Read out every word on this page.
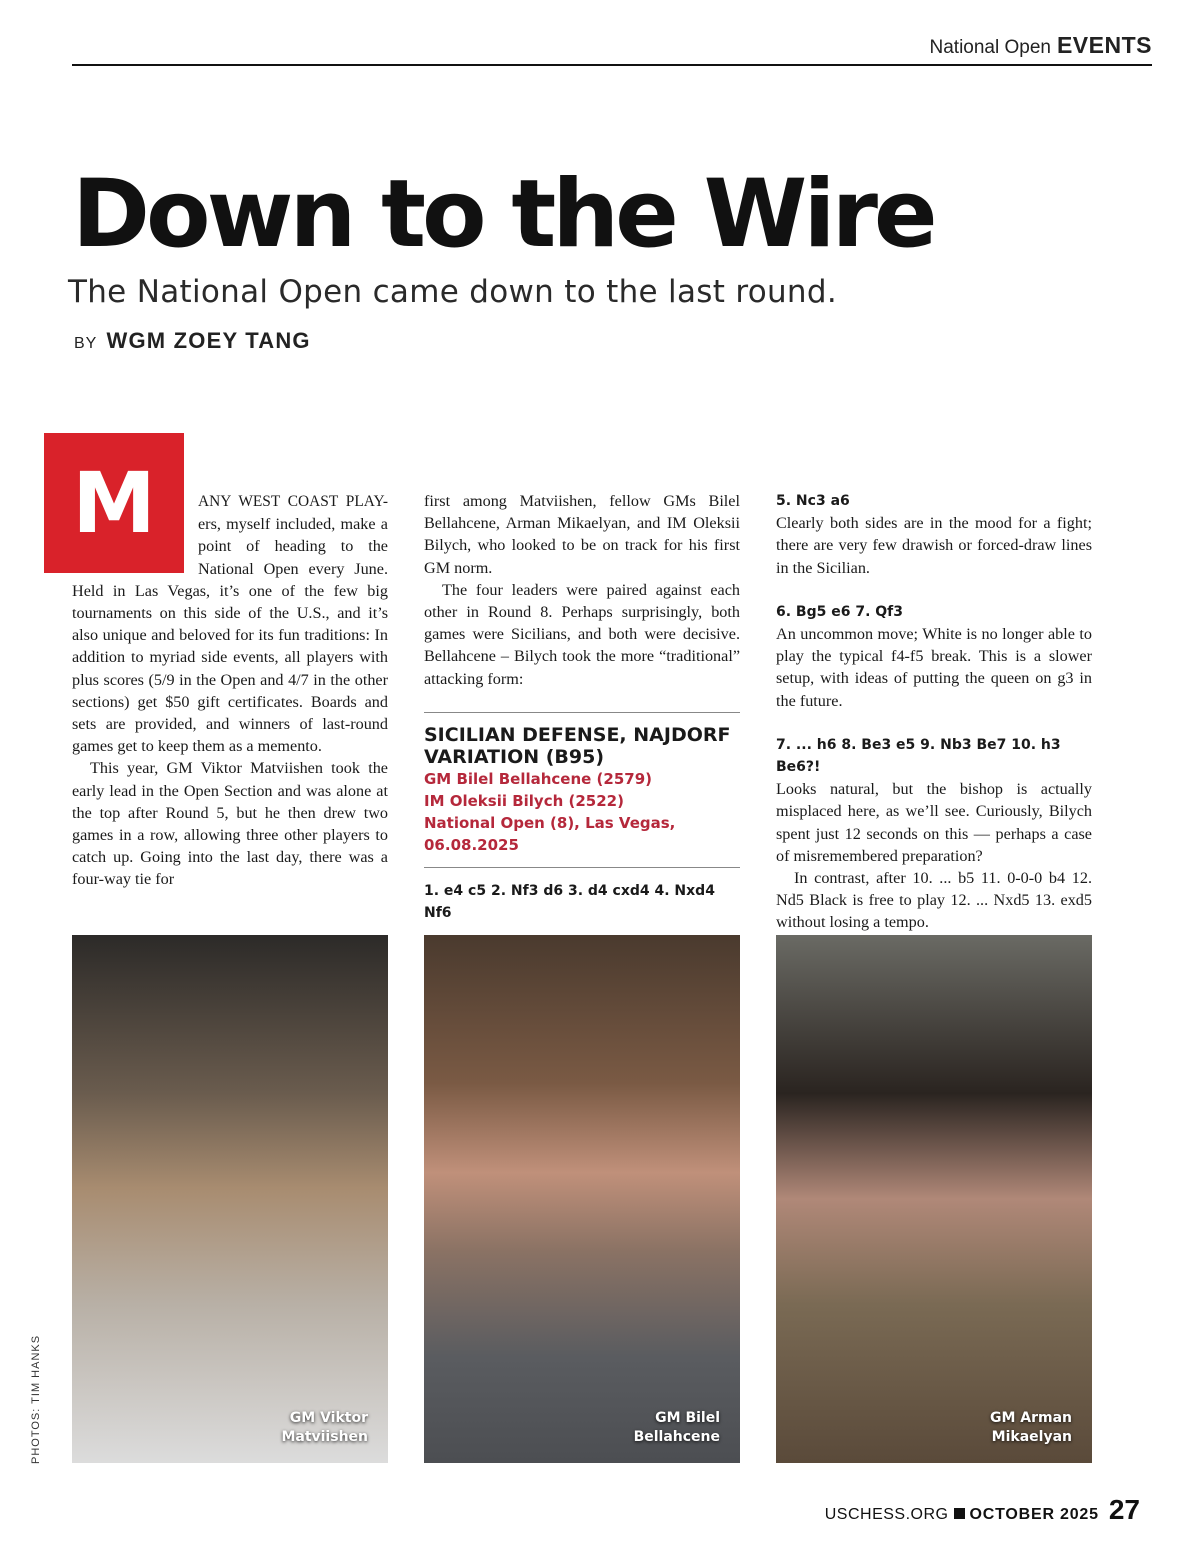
National Open EVENTS
Down to the Wire
The National Open came down to the last round.
BY WGM ZOEY TANG
M	ANY WEST COAST PLAY- ers, myself included, make a point of heading to the National Open every June. Held in Las Vegas, it’s one of the few big tournaments on this side of the U.S., and it’s also unique and beloved for its fun traditions: In addition to myriad side events, all players with plus scores (5/9 in the Open and 4/7 in the other sections) get $50 gift certificates. Boards and sets are provided, and winners of last-round games get to keep them as a memento.

This year, GM Viktor Matviishen took the early lead in the Open Section and was alone at the top after Round 5, but he then drew two games in a row, allowing three other players to catch up. Going into the last day, there was a four-way tie for

first among Matviishen, fellow GMs Bilel Bellahcene, Arman Mikaelyan, and IM Oleksii Bilych, who looked to be on track for his first GM norm.

The four leaders were paired against each other in Round 8. Perhaps surprisingly, both games were Sicilians, and both were decisive. Bellahcene – Bilych took the more “traditional” attacking form:

SICILIAN DEFENSE, NAJDORF VARIATION (B95)
GM Bilel Bellahcene (2579)
IM Oleksii Bilych (2522)
National Open (8), Las Vegas, 06.08.2025
1. e4 c5 2. Nf3 d6 3. d4 cxd4 4. Nxd4 Nf6
5. Nc3 a6

Clearly both sides are in the mood for a fight; there are very few drawish or forced-draw lines in the Sicilian.

6. Bg5 e6 7. Qf3

An uncommon move; White is no longer able to play the typical f4-f5 break. This is a slower setup, with ideas of putting the queen on g3 in the future.

7. ... h6 8. Be3 e5 9. Nb3 Be7 10. h3 Be6?!

Looks natural, but the bishop is actually misplaced here, as we’ll see. Curiously, Bilych spent just 12 seconds on this — perhaps a case of misremembered preparation?

In contrast, after 10. ... b5 11. 0-0-0 b4 12. Nd5 Black is free to play 12. ... Nxd5 13. exd5 without losing a tempo.

GM Viktor
Matviishen
GM Bilel
Bellahcene
GM Arman
Mikaelyan
PHOTOS: TIM HANKS
USCHESS.ORG OCTOBER 2025 27
